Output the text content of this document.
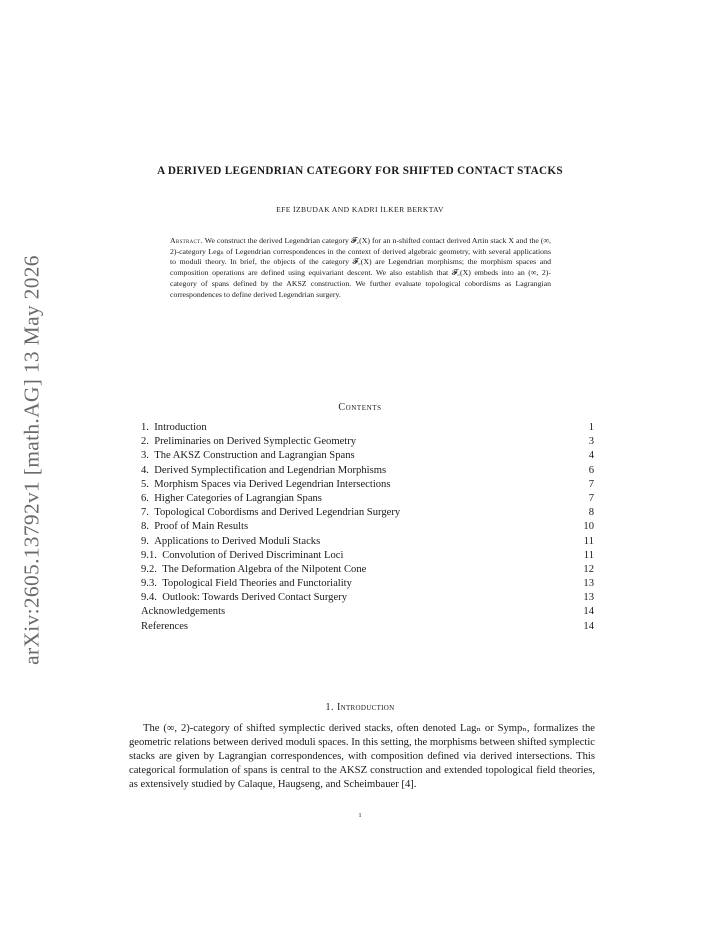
arXiv:2605.13792v1 [math.AG] 13 May 2026
A DERIVED LEGENDRIAN CATEGORY FOR SHIFTED CONTACT STACKS
EFE İZBUDAK AND KADRI İLKER BERKTAV
Abstract. We construct the derived Legendrian category 𝓕꜀(X) for an n-shifted contact derived Artin stack X and the (∞, 2)-category Legₙ of Legendrian correspondences in the context of derived algebraic geometry, with several applications to moduli theory. In brief, the objects of the category 𝓕꜀(X) are Legendrian morphisms; the morphism spaces and composition operations are defined using equivariant descent. We also establish that 𝓕꜀(X) embeds into an (∞, 2)-category of spans defined by the AKSZ construction. We further evaluate topological cobordisms as Lagrangian correspondences to define derived Legendrian surgery.
Contents
1. Introduction	1
2. Preliminaries on Derived Symplectic Geometry	3
3. The AKSZ Construction and Lagrangian Spans	4
4. Derived Symplectification and Legendrian Morphisms	6
5. Morphism Spaces via Derived Legendrian Intersections	7
6. Higher Categories of Lagrangian Spans	7
7. Topological Cobordisms and Derived Legendrian Surgery	8
8. Proof of Main Results	10
9. Applications to Derived Moduli Stacks	11
9.1. Convolution of Derived Discriminant Loci	11
9.2. The Deformation Algebra of the Nilpotent Cone	12
9.3. Topological Field Theories and Functoriality	13
9.4. Outlook: Towards Derived Contact Surgery	13
Acknowledgements	14
References	14
1. Introduction

The (∞, 2)-category of shifted symplectic derived stacks, often denoted Lagₙ or Sympₙ, formalizes the geometric relations between derived moduli spaces. In this setting, the morphisms between shifted symplectic stacks are given by Lagrangian correspondences, with composition defined via derived intersections. This categorical formulation of spans is central to the AKSZ construction and extended topological field theories, as extensively studied by Calaque, Haugseng, and Scheimbauer [4].

1
